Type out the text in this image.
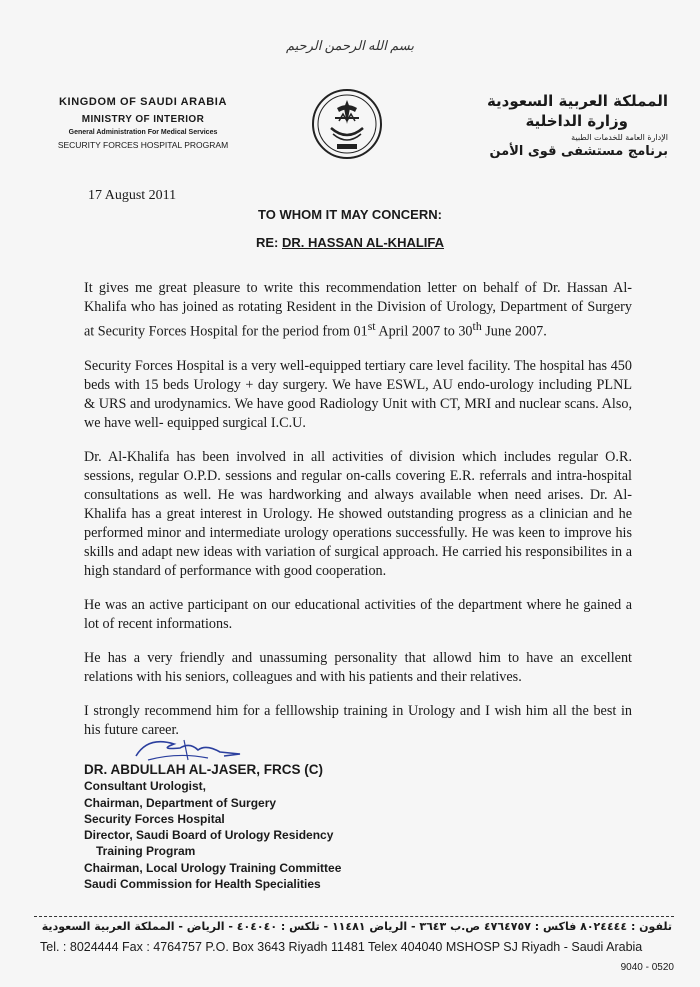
بسم الله الرحمن الرحيم
KINGDOM OF SAUDI ARABIA
MINISTRY OF INTERIOR
General Administration For Medical Services
SECURITY FORCES HOSPITAL PROGRAM
المملكة العربية السعودية
وزارة الداخلية
الإدارة العامة للخدمات الطبية
برنامج مستشفى قوى الأمن
17 August 2011
TO WHOM IT MAY CONCERN:
RE: DR. HASSAN AL-KHALIFA

It gives me great pleasure to write this recommendation letter on behalf of Dr. Hassan Al-Khalifa who has joined as rotating Resident in the Division of Urology, Department of Surgery at Security Forces Hospital for the period from 01st April 2007 to 30th June 2007.

Security Forces Hospital is a very well-equipped tertiary care level facility. The hospital has 450 beds with 15 beds Urology + day surgery. We have ESWL, AU endo-urology including PLNL & URS and urodynamics. We have good Radiology Unit with CT, MRI and nuclear scans. Also, we have well- equipped surgical I.C.U.

Dr. Al-Khalifa has been involved in all activities of division which includes regular O.R. sessions, regular O.P.D. sessions and regular on-calls covering E.R. referrals and intra-hospital consultations as well. He was hardworking and always available when need arises. Dr. Al-Khalifa has a great interest in Urology. He showed outstanding progress as a clinician and he performed minor and intermediate urology operations successfully. He was keen to improve his skills and adapt new ideas with variation of surgical approach. He carried his responsibilites in a high standard of performance with good cooperation.

He was an active participant on our educational activities of the department where he gained a lot of recent informations.

He has a very friendly and unassuming personality that allowd him to have an excellent relations with his seniors, colleagues and with his patients and their relatives.

I strongly recommend him for a felllowship training in Urology and I wish him all the best in his future career.

DR. ABDULLAH AL-JASER, FRCS (C)
Consultant Urologist,
Chairman, Department of Surgery
Security Forces Hospital
Director, Saudi Board of Urology Residency
Training Program
Chairman, Local Urology Training Committee
Saudi Commission for Health Specialities
تلفون : ٨٠٢٤٤٤٤ فاكس : ٤٧٦٤٧٥٧ ص.ب ٣٦٤٣ - الرياض ١١٤٨١ - تلكس : ٤٠٤٠٤٠ - الرياض - المملكة العربية السعودية
Tel. : 8024444 Fax : 4764757 P.O. Box 3643 Riyadh 11481 Telex 404040 MSHOSP SJ Riyadh - Saudi Arabia
9040 - 0520
